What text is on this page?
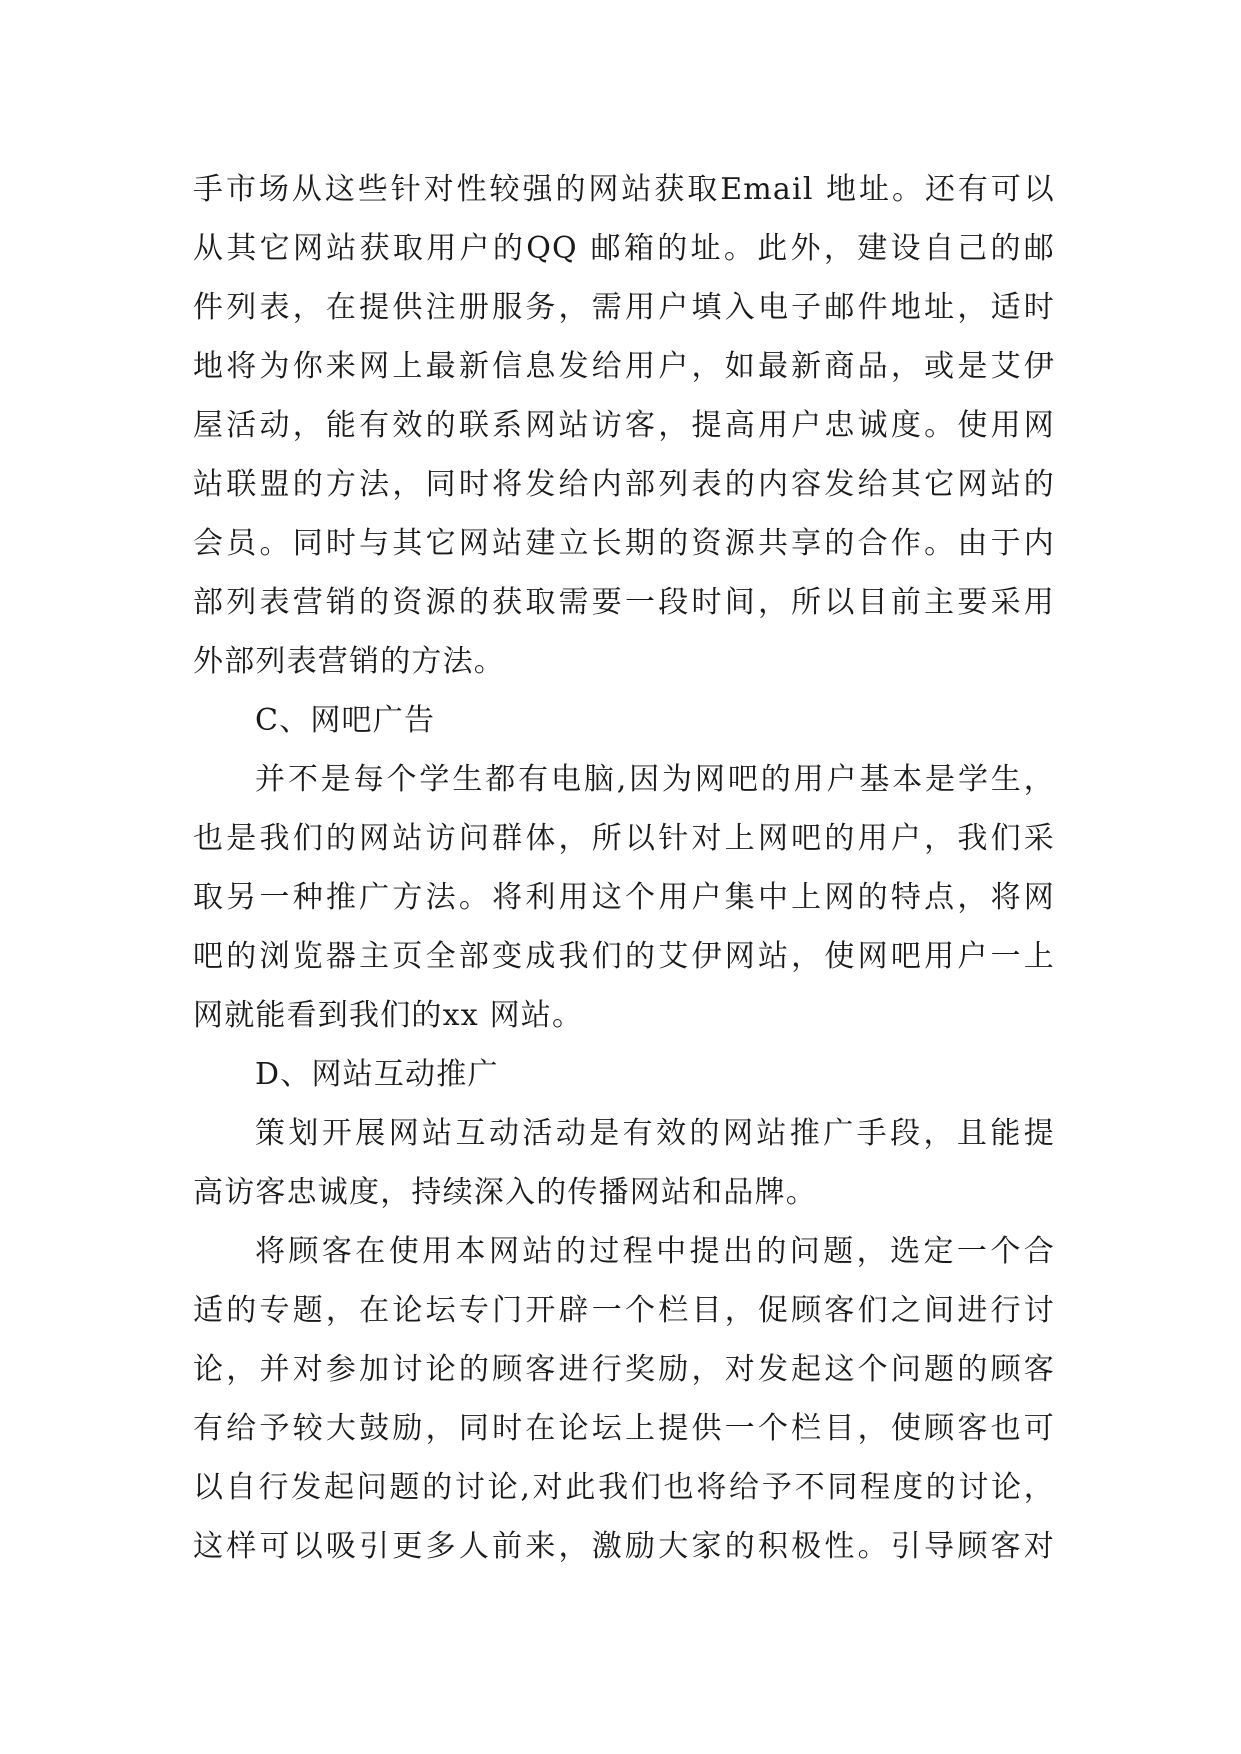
手市场从这些针对性较强的网站获取Email 地址。还有可以
从其它网站获取用户的QQ 邮箱的址。此外，建设自己的邮
件列表，在提供注册服务，需用户填入电子邮件地址，适时
地将为你来网上最新信息发给用户，如最新商品，或是艾伊
屋活动，能有效的联系网站访客，提高用户忠诚度。使用网
站联盟的方法，同时将发给内部列表的内容发给其它网站的
会员。同时与其它网站建立长期的资源共享的合作。由于内
部列表营销的资源的获取需要一段时间，所以目前主要采用
外部列表营销的方法。
C、网吧广告
并不是每个学生都有电脑,因为网吧的用户基本是学生，
也是我们的网站访问群体，所以针对上网吧的用户，我们采
取另一种推广方法。将利用这个用户集中上网的特点，将网
吧的浏览器主页全部变成我们的艾伊网站，使网吧用户一上
网就能看到我们的xx 网站。
D、网站互动推广
策划开展网站互动活动是有效的网站推广手段，且能提
高访客忠诚度，持续深入的传播网站和品牌。
将顾客在使用本网站的过程中提出的问题，选定一个合
适的专题，在论坛专门开辟一个栏目，促顾客们之间进行讨
论，并对参加讨论的顾客进行奖励，对发起这个问题的顾客
有给予较大鼓励，同时在论坛上提供一个栏目，使顾客也可
以自行发起问题的讨论,对此我们也将给予不同程度的讨论，
这样可以吸引更多人前来，激励大家的积极性。引导顾客对
